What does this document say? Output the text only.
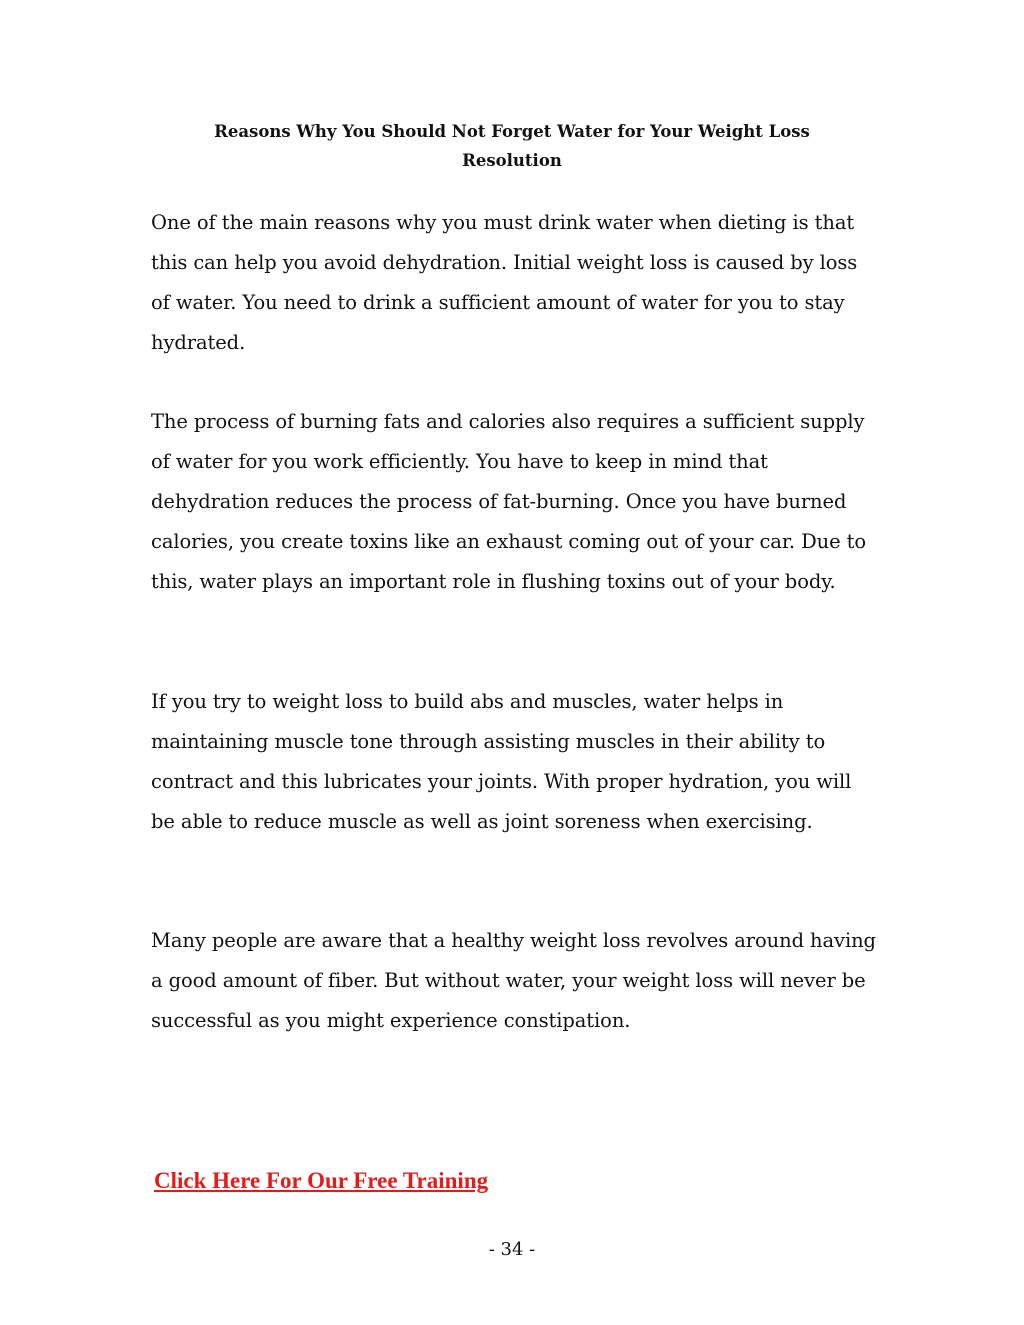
Reasons Why You Should Not Forget Water for Your Weight Loss
Resolution

One of the main reasons why you must drink water when dieting is that this can help you avoid dehydration. Initial weight loss is caused by loss of water. You need to drink a sufficient amount of water for you to stay hydrated.

The process of burning fats and calories also requires a sufficient supply of water for you work efficiently. You have to keep in mind that dehydration reduces the process of fat-burning. Once you have burned calories, you create toxins like an exhaust coming out of your car. Due to this, water plays an important role in flushing toxins out of your body.

If you try to weight loss to build abs and muscles, water helps in maintaining muscle tone through assisting muscles in their ability to contract and this lubricates your joints. With proper hydration, you will be able to reduce muscle as well as joint soreness when exercising.

Many people are aware that a healthy weight loss revolves around having a good amount of fiber. But without water, your weight loss will never be successful as you might experience constipation.

Click Here For Our Free Training
- 34 -
